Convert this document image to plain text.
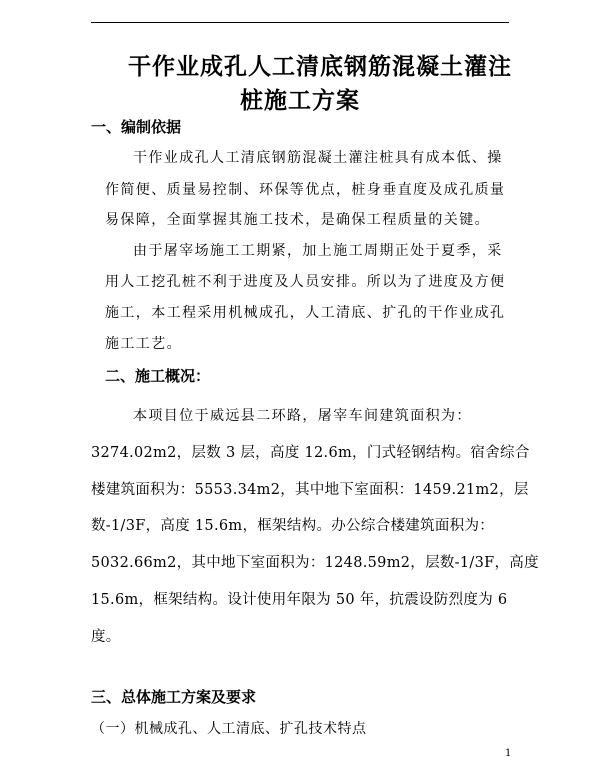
干作业成孔人工清底钢筋混凝土灌注
桩施工方案
一、编制依据
干作业成孔人工清底钢筋混凝土灌注桩具有成本低、操
作简便、质量易控制、环保等优点，桩身垂直度及成孔质量
易保障，全面掌握其施工技术，是确保工程质量的关键。
由于屠宰场施工工期紧，加上施工周期正处于夏季，采
用人工挖孔桩不利于进度及人员安排。所以为了进度及方便
施工，本工程采用机械成孔，人工清底、扩孔的干作业成孔
施工工艺。
二、施工概况：
本项目位于威远县二环路，屠宰车间建筑面积为：
3274.02m2，层数 3 层，高度 12.6m，门式轻钢结构。宿舍综合
楼建筑面积为：5553.34m2，其中地下室面积：1459.21m2，层
数-1/3F，高度 15.6m，框架结构。办公综合楼建筑面积为：
5032.66m2，其中地下室面积为：1248.59m2，层数-1/3F，高度
15.6m，框架结构。设计使用年限为 50 年，抗震设防烈度为 6
度。
三、总体施工方案及要求
（一）机械成孔、人工清底、扩孔技术特点
1
